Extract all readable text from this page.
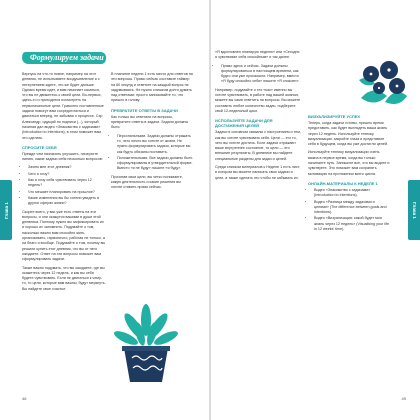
Формулируем задачи

Вернусь на что-то новое, например на этот дневник, не испытываете воодушевление и с нетерпением ждете, что же будет дальше. Однако время идет, и вам начинает казаться, что вы не движетесь к своей цели. Во-первых, здесь-то и приходится посмотреть на первоначальные цели. Грамотно поставленные задачи помогут вам сосредоточиться и двигаться вперед, не забывая о процессе. Сэр Александр, идущий по подписи (...), который начиная дал видео «Знакомство с задачами» (Introduction to intentions), в этом поможет вам это сделать.

СПРОСИТЕ СЕБЯ

Прежде чем назначить улучшить, начертите линию, какие задачи себя несколько вопросов:

• Зачем мне этот дневник?
• Чего я хочу?
• Как я хочу себя чувствовать через 12 недель?
• Что мешает планировать на прошлое?
• Какие изменения вы бы хотели увидеть в других сферах жизни?

Скорее всего, у вас уже есть ответы на эти вопросы, и они окажутся вашими в души этой дневника. Поэтому нужно вы зафиксировать их и хорошо их запомнить. Подумайте о том, насколько важно вам спокойно жить, организовано, гармонично, работая не только, а на благо и вообще. Подумайте о том, почему вы решили купить этот дневник, что вы от него ожидаете. Ответ на эти вопросы поможет вам сформулировать задачи.

Также важно подумать, что вы ожидаете, где вы окажетесь через 12 недель, и как вы себя будете чувствовать. Если не двигаться к чему-то, то цели, которые вам важны, будут меркнуть. Вы найдете свое счастье.

В планинге недели 1 есть место для ответов на эти вопросы. Прямо сейчас составьте таймер на 60 секунд и ответьте на каждый вопрос не задумываясь. Не нужно слишком долго думать над ответами: просто записывайте то, что пришло в голову.

ПРЕВРАТИТЕ ОТВЕТЫ В ЗАДАЧИ

Как только вы ответили на вопросы, превратите ответы в задачи. Задачи должны быть:

• Персональными. Задачи должны отражать то, чего лично вы хотите от жизни. Не нужно формулировать задачи, которые вы как будто обязаны поставить.
• Положительными. Все задачи должны быть сформулированы в утвердительной форме. Вместо «я не буду» пишите «я буду».

Прочитав свои цели, вы четко понимаете, какую деятельность и какие решения вы хотите ставить прямо сейчас.

Глава 1
48

«Я вдохновлен планирую неделю» или «Сегодня я чувствовал себя спокойным» и так далее.

• Прямо здесь и сейчас. Задачи должны формулироваться в настоящем времени, как будто они уже произошли. Например, вместо «Я буду спокойно себя» пишите «Я спокоен».

Например, подумайте о тех «как» именно вы хотите чувствовать, в работе над вашей жизнью, можете вы сами ответить на вопросы. Вы можете составить любое количество задач, подберите свой 12-недельный цикл.

ИСПОЛЬЗУЙТЕ ЗАДАЧИ ДЛЯ ДОСТИЖЕНИЯ ЦЕЛЕЙ

Задачи в основном связаны с настроением и тем, как вы хотите чувствовать себя. Цели — это то, чего вы хотите достичь. Если задачи отражают ваше внутреннее состояние, то цели — это внешние результаты. В дневнике вы найдете специальные разделы для задач и целей.

Среди списком материалов к Неделе 1 есть лист, в котором вы можете написать свои задачи и цели, а также сделать это чтобы не забывать их.

ВИЗУАЛИЗИРУЙТЕ УСПЕХ

Теперь, когда задачи готовы, пришло время представить, как будет выглядеть ваша жизнь через 12 недель. Используйте технику визуализации: закройте глаза и представьте себя в будущем, когда вы уже достигли целей.

Используйте технику визуализации очень важна в первое время, когда вы только начинаете путь. Запишите все, что вы видите и чувствуете. Это поможет вам сохранять мотивацию на протяжении всего цикла.

ОНЛАЙН-МАТЕРИАЛЫ К НЕДЕЛЕ 1
• Видео «Знакомство с задачами» (Introduction to intentions).
• Видео «Разница между задачами и целями» (The difference between goals and intentions).
• Видео «Визуализация: какой будет моя жизнь через 12 недель» (Visualising your life in 12 weeks' time).
Глава 1
49
